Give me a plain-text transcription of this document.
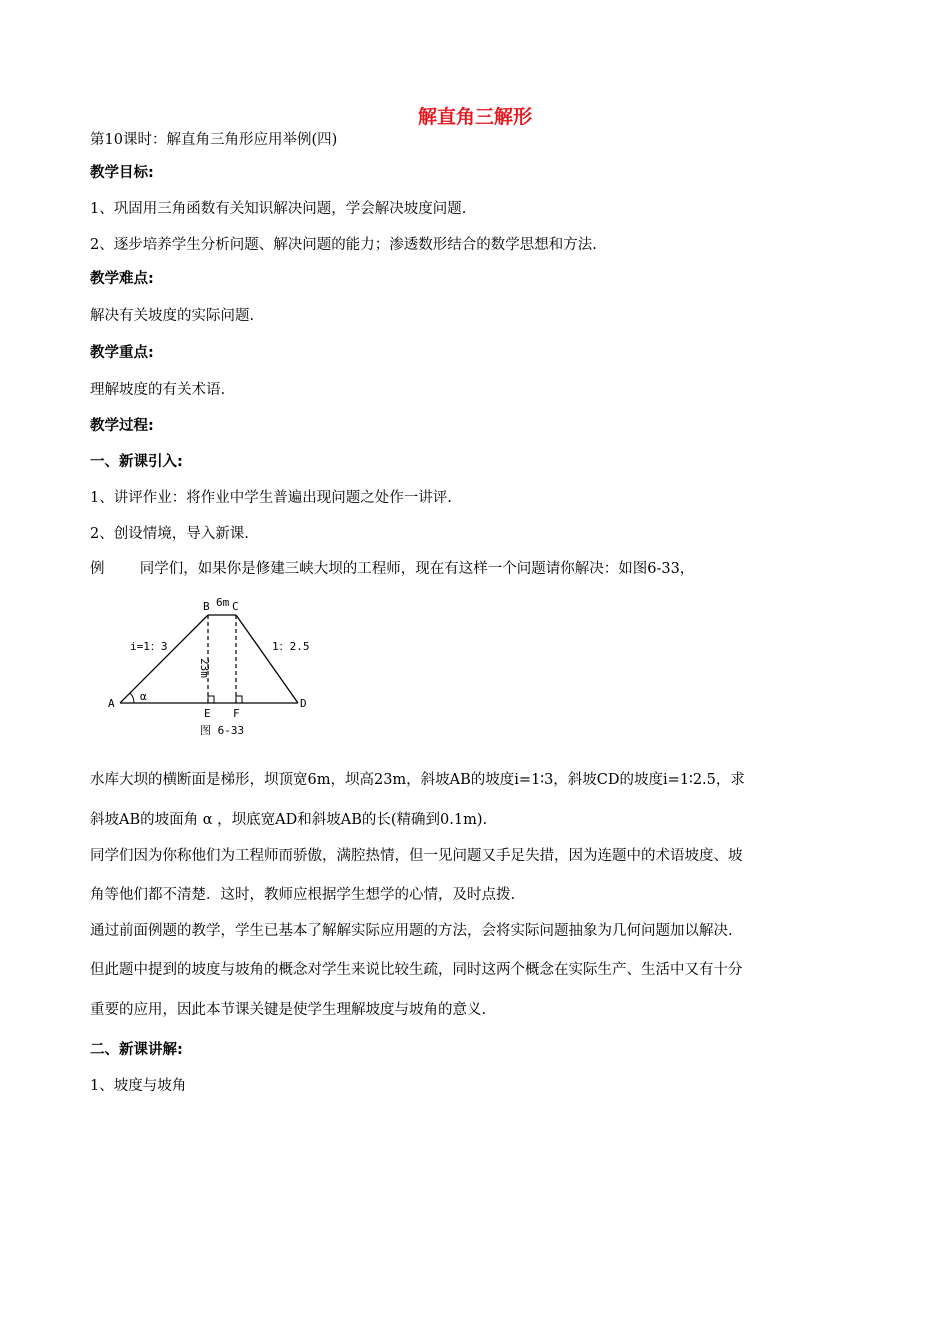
解直角三解形
第10课时：解直角三角形应用举例(四)
教学目标:
1、巩固用三角函数有关知识解决问题，学会解决坡度问题.
2、逐步培养学生分析问题、解决问题的能力；渗透数形结合的数学思想和方法.
教学难点:
解决有关坡度的实际问题.
教学重点:
理解坡度的有关术语.
教学过程:
一、新课引入:
1、讲评作业：将作业中学生普遍出现问题之处作一讲评.
2、创设情境，导入新课.
例 同学们，如果你是修建三峡大坝的工程师，现在有这样一个问题请你解决：如图6-33，
A
B C
D
E F
6m
23m
i=1：3	1：2.5
α
图 6-33
水库大坝的横断面是梯形，坝顶宽6m，坝高23m，斜坡AB的坡度i=1∶3，斜坡CD的坡度i=1∶2.5，求
斜坡AB的坡面角 α ，坝底宽AD和斜坡AB的长(精确到0.1m).
同学们因为你称他们为工程师而骄傲，满腔热情，但一见问题又手足失措，因为连题中的术语坡度、坡
角等他们都不清楚．这时，教师应根据学生想学的心情，及时点拨.
通过前面例题的教学，学生已基本了解解实际应用题的方法，会将实际问题抽象为几何问题加以解决.
但此题中提到的坡度与坡角的概念对学生来说比较生疏，同时这两个概念在实际生产、生活中又有十分
重要的应用，因此本节课关键是使学生理解坡度与坡角的意义.
二、新课讲解:
1、坡度与坡角
